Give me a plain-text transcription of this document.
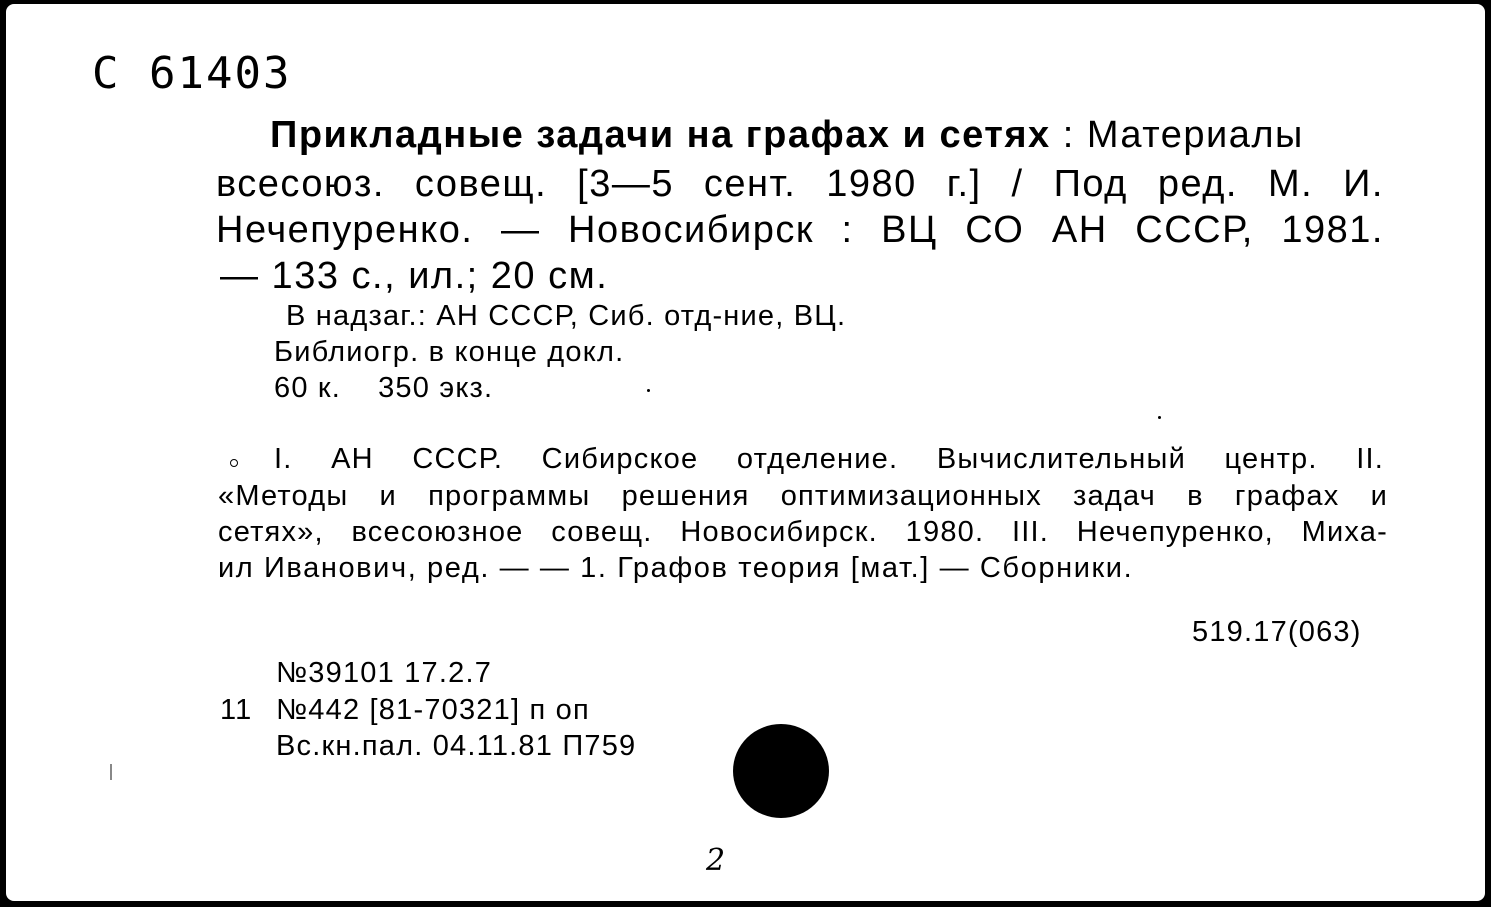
С 61403
Прикладные задачи на графах и сетях : Материалы
всесоюз. совещ. [3—5 сент. 1980 г.] / Под ред. М. И.
Нечепуренко. — Новосибирск : ВЦ СО АН СССР, 1981.
— 133 с., ил.; 20 см.
В надзаг.: АН СССР, Сиб. отд-ние, ВЦ.
Библиогр. в конце докл.
60 к.    350 экз.
I. АН СССР. Сибирское отделение. Вычислительный центр. II.
«Методы и программы решения оптимизационных задач в графах и
сетях», всесоюзное совещ. Новосибирск. 1980. III. Нечепуренко, Миха-
ил Иванович, ред. — — 1. Графов теория [мат.] — Сборники.
519.17(063)
№39101 17.2.7
11 №442 [81-70321] п оп
Вс.кн.пал. 04.11.81 П759
2
